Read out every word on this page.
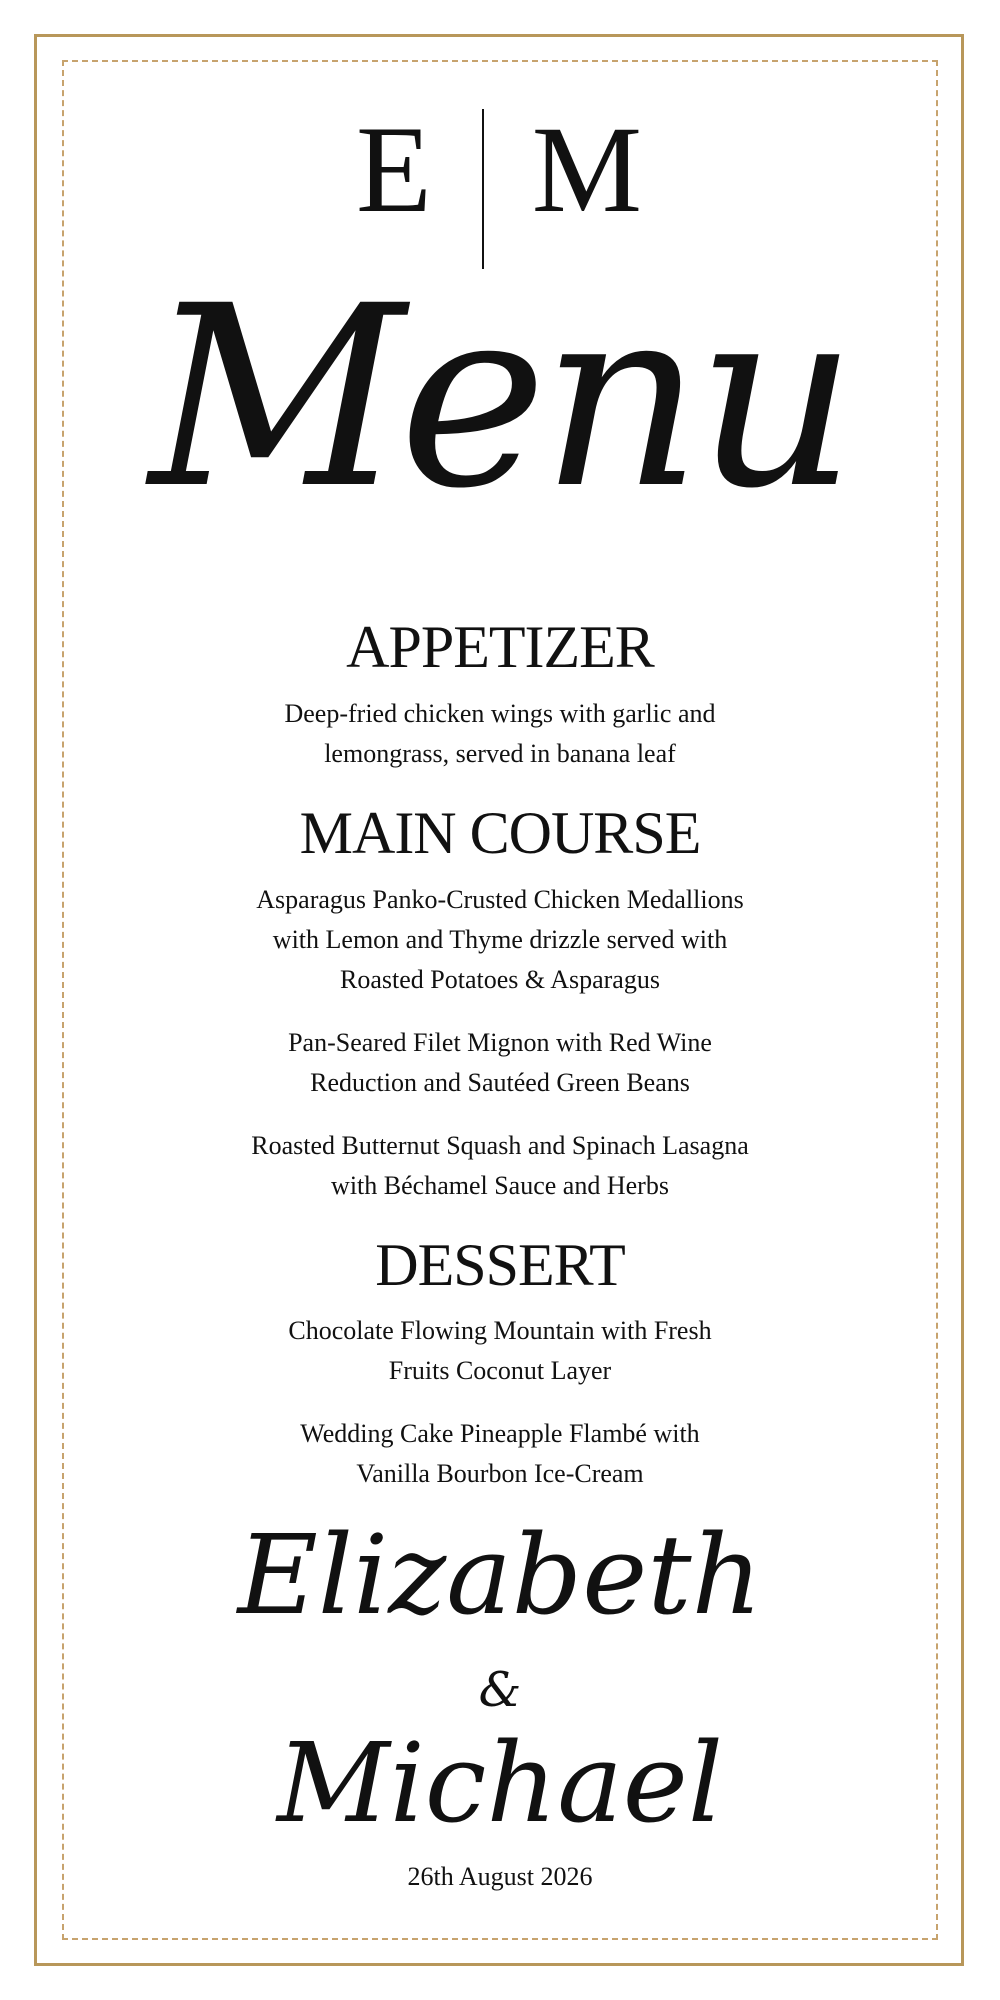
E M
Menu
APPETIZER
Deep-fried chicken wings with garlic and
lemongrass, served in banana leaf
MAIN COURSE
Asparagus Panko-Crusted Chicken Medallions
with Lemon and Thyme drizzle served with
Roasted Potatoes & Asparagus
Pan-Seared Filet Mignon with Red Wine
Reduction and Sautéed Green Beans
Roasted Butternut Squash and Spinach Lasagna
with Béchamel Sauce and Herbs
DESSERT
Chocolate Flowing Mountain with Fresh
Fruits Coconut Layer
Wedding Cake Pineapple Flambé with
Vanilla Bourbon Ice-Cream
Elizabeth
&
Michael
26th August 2026
